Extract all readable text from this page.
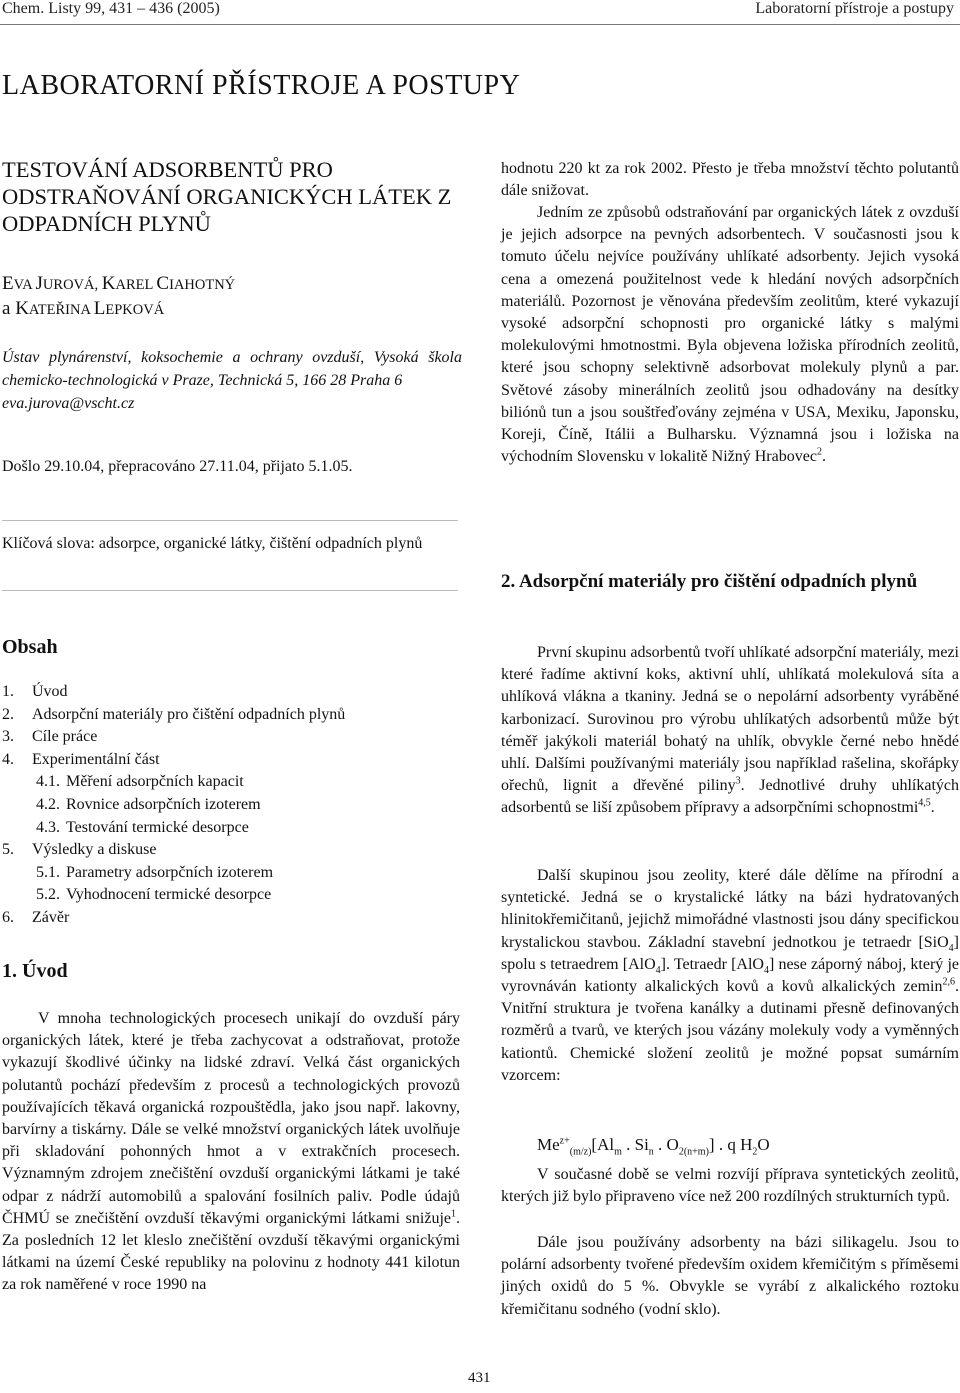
Chem. Listy 99, 431 – 436 (2005)	Laboratorní přístroje a postupy
LABORATORNÍ PŘÍSTROJE A POSTUPY
TESTOVÁNÍ ADSORBENTŮ PRO ODSTRAŇOVÁNÍ ORGANICKÝCH LÁTEK Z ODPADNÍCH PLYNŮ
EVA JUROVÁ, KAREL CIAHOTNÝ
a KATEŘINA LEPKOVÁ
Ústav plynárenství, koksochemie a ochrany ovzduší, Vysoká škola chemicko-technologická v Praze, Technická 5, 166 28 Praha 6
eva.jurova@vscht.cz
Došlo 29.10.04, přepracováno 27.11.04, přijato 5.1.05.
Klíčová slova: adsorpce, organické látky, čištění odpadních plynů
Obsah
1. Úvod
2. Adsorpční materiály pro čištění odpadních plynů
3. Cíle práce
4. Experimentální část
4.1. Měření adsorpčních kapacit
4.2. Rovnice adsorpčních izoterem
4.3. Testování termické desorpce
5. Výsledky a diskuse
5.1. Parametry adsorpčních izoterem
5.2. Vyhodnocení termické desorpce
6. Závěr
1. Úvod
V mnoha technologických procesech unikají do ovzduší páry organických látek, které je třeba zachycovat a odstraňovat, protože vykazují škodlivé účinky na lidské zdraví. Velká část organických polutantů pochází především z procesů a technologických provozů používajících těkavá organická rozpouštědla, jako jsou např. lakovny, barvírny a tiskárny. Dále se velké množství organických látek uvolňuje při skladování pohonných hmot a v extrakčních procesech. Významným zdrojem znečištění ovzduší organickými látkami je také odpar z nádrží automobilů a spalování fosilních paliv. Podle údajů ČHMÚ se znečištění ovzduší těkavými organickými látkami snižuje$^1$. Za posledních 12 let kleslo znečištění ovzduší těkavými organickými látkami na území České republiky na polovinu z hodnoty 441 kilotun za rok naměřené v roce 1990 na
hodnotu 220 kt za rok 2002. Přesto je třeba množství těchto polutantů dále snižovat.
Jedním ze způsobů odstraňování par organických látek z ovzduší je jejich adsorpce na pevných adsorbentech. V současnosti jsou k tomuto účelu nejvíce používány uhlíkaté adsorbenty. Jejich vysoká cena a omezená použitelnost vede k hledání nových adsorpčních materiálů. Pozornost je věnována především zeolitům, které vykazují vysoké adsorpční schopnosti pro organické látky s malými molekulovými hmotnostmi. Byla objevena ložiska přírodních zeolitů, které jsou schopny selektivně adsorbovat molekuly plynů a par. Světové zásoby minerálních zeolitů jsou odhadovány na desítky biliónů tun a jsou souštřeďovány zejména v USA, Mexiku, Japonsku, Koreji, Číně, Itálii a Bulharsku. Významná jsou i ložiska na východním Slovensku v lokalitě Nižný Hrabovec$^2$.
2. Adsorpční materiály pro čištění odpadních plynů
První skupinu adsorbentů tvoří uhlíkaté adsorpční materiály, mezi které řadíme aktivní koks, aktivní uhlí, uhlíkatá molekulová síta a uhlíková vlákna a tkaniny. Jedná se o nepolární adsorbenty vyráběné karbonizací. Surovinou pro výrobu uhlíkatých adsorbentů může být téměř jakýkoli materiál bohatý na uhlík, obvykle černé nebo hnědé uhlí. Dalšími používanými materiály jsou například rašelina, skořápky ořechů, lignit a dřevěné piliny$^3$. Jednotlivé druhy uhlíkatých adsorbentů se liší způsobem přípravy a adsorpčními schopnostmi$^{4,5}$.
Další skupinou jsou zeolity, které dále dělíme na přírodní a syntetické. Jedná se o krystalické látky na bázi hydratovaných hlinitokřemičitanů, jejichž mimořádné vlastnosti jsou dány specifickou krystalickou stavbou. Základní stavební jednotkou je tetraedr [SiO$_4$] spolu s tetraedrem [AlO$_4$]. Tetraedr [AlO$_4$] nese záporný náboj, který je vyrovnáván kationty alkalických kovů a kovů alkalických zemin$^{2,6}$. Vnitřní struktura je tvořena kanálky a dutinami přesně definovaných rozměrů a tvarů, ve kterých jsou vázány molekuly vody a vyměnných kationtů. Chemické složení zeolitů je možné popsat sumárním vzorcem:
$Me^{z+}_{(m/z)}[Al_m$ . $Si_n$ . $O_{2(n+m)}$] . q $H_2O$
V současné době se velmi rozvíjí příprava syntetických zeolitů, kterých již bylo připraveno více než 200 rozdílných strukturních typů.
Dále jsou používány adsorbenty na bázi silikagelu. Jsou to polární adsorbenty tvořené především oxidem křemičitým s příměsemi jiných oxidů do 5 %. Obvykle se vyrábí z alkalického roztoku křemičitanu sodného (vodní sklo).
431
